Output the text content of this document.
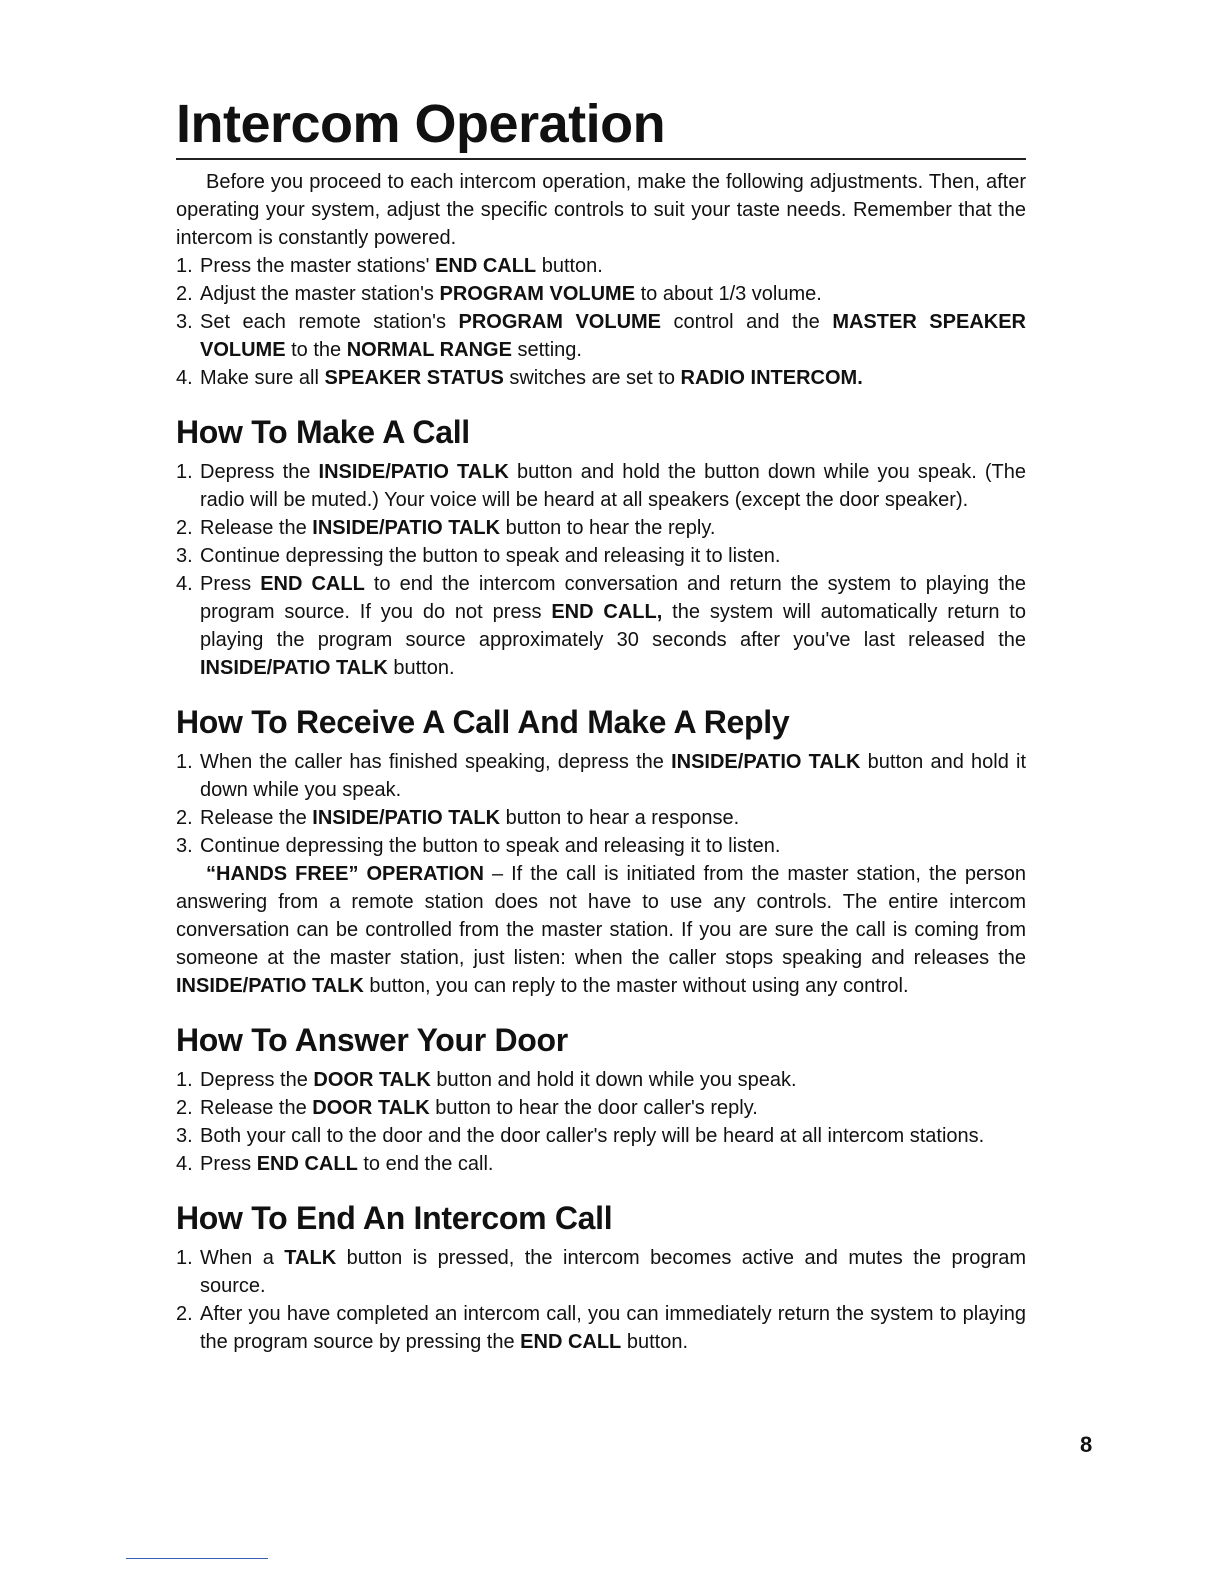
Intercom Operation

Before you proceed to each intercom operation, make the following adjustments. Then, after operating your system, adjust the specific controls to suit your taste needs. Remember that the intercom is constantly powered.

1. Press the master stations' END CALL button.
2. Adjust the master station's PROGRAM VOLUME to about 1/3 volume.
3. Set each remote station's PROGRAM VOLUME control and the MASTER SPEAKER VOLUME to the NORMAL RANGE setting.
4. Make sure all SPEAKER STATUS switches are set to RADIO INTERCOM.
How To Make A Call
1. Depress the INSIDE/PATIO TALK button and hold the button down while you speak. (The radio will be muted.) Your voice will be heard at all speakers (except the door speaker).
2. Release the INSIDE/PATIO TALK button to hear the reply.
3. Continue depressing the button to speak and releasing it to listen.
4. Press END CALL to end the intercom conversation and return the system to playing the program source. If you do not press END CALL, the system will automatically return to playing the program source approximately 30 seconds after you've last released the INSIDE/PATIO TALK button.
How To Receive A Call And Make A Reply
1. When the caller has finished speaking, depress the INSIDE/PATIO TALK button and hold it down while you speak.
2. Release the INSIDE/PATIO TALK button to hear a response.
3. Continue depressing the button to speak and releasing it to listen.

“HANDS FREE” OPERATION – If the call is initiated from the master station, the person answering from a remote station does not have to use any controls. The entire intercom conversation can be controlled from the master station. If you are sure the call is coming from someone at the master station, just listen: when the caller stops speaking and releases the INSIDE/PATIO TALK button, you can reply to the master without using any control.

How To Answer Your Door
1. Depress the DOOR TALK button and hold it down while you speak.
2. Release the DOOR TALK button to hear the door caller's reply.
3. Both your call to the door and the door caller's reply will be heard at all intercom stations.
4. Press END CALL to end the call.
How To End An Intercom Call
1. When a TALK button is pressed, the intercom becomes active and mutes the program source.
2. After you have completed an intercom call, you can immediately return the system to playing the program source by pressing the END CALL button.
8
